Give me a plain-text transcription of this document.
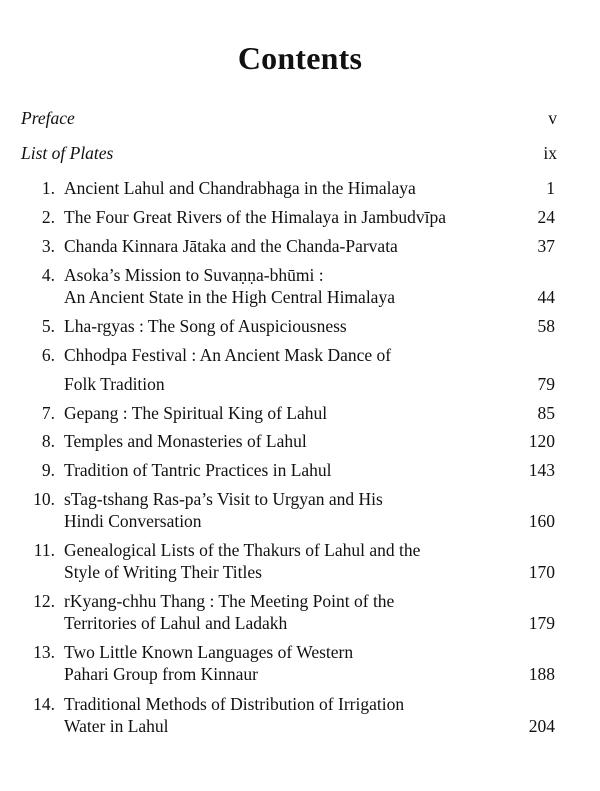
Contents
Preface	v
List of Plates	ix
1. Ancient Lahul and Chandrabhaga in the Himalaya	1
2. The Four Great Rivers of the Himalaya in Jambudvīpa	24
3. Chanda Kinnara Jātaka and the Chanda-Parvata	37
4. Asoka’s Mission to Suvaṇṇa-bhūmi :
An Ancient State in the High Central Himalaya	44
5. Lha-rgyas : The Song of Auspiciousness	58
6. Chhodpa Festival : An Ancient Mask Dance of
Folk Tradition	79
7. Gepang : The Spiritual King of Lahul	85
8. Temples and Monasteries of Lahul	120
9. Tradition of Tantric Practices in Lahul	143
10. sTag-tshang Ras-pa’s Visit to Urgyan and His
Hindi Conversation	160
11. Genealogical Lists of the Thakurs of Lahul and the
Style of Writing Their Titles	170
12. rKyang-chhu Thang : The Meeting Point of the
Territories of Lahul and Ladakh	179
13. Two Little Known Languages of Western
Pahari Group from Kinnaur	188
14. Traditional Methods of Distribution of Irrigation
Water in Lahul	204
